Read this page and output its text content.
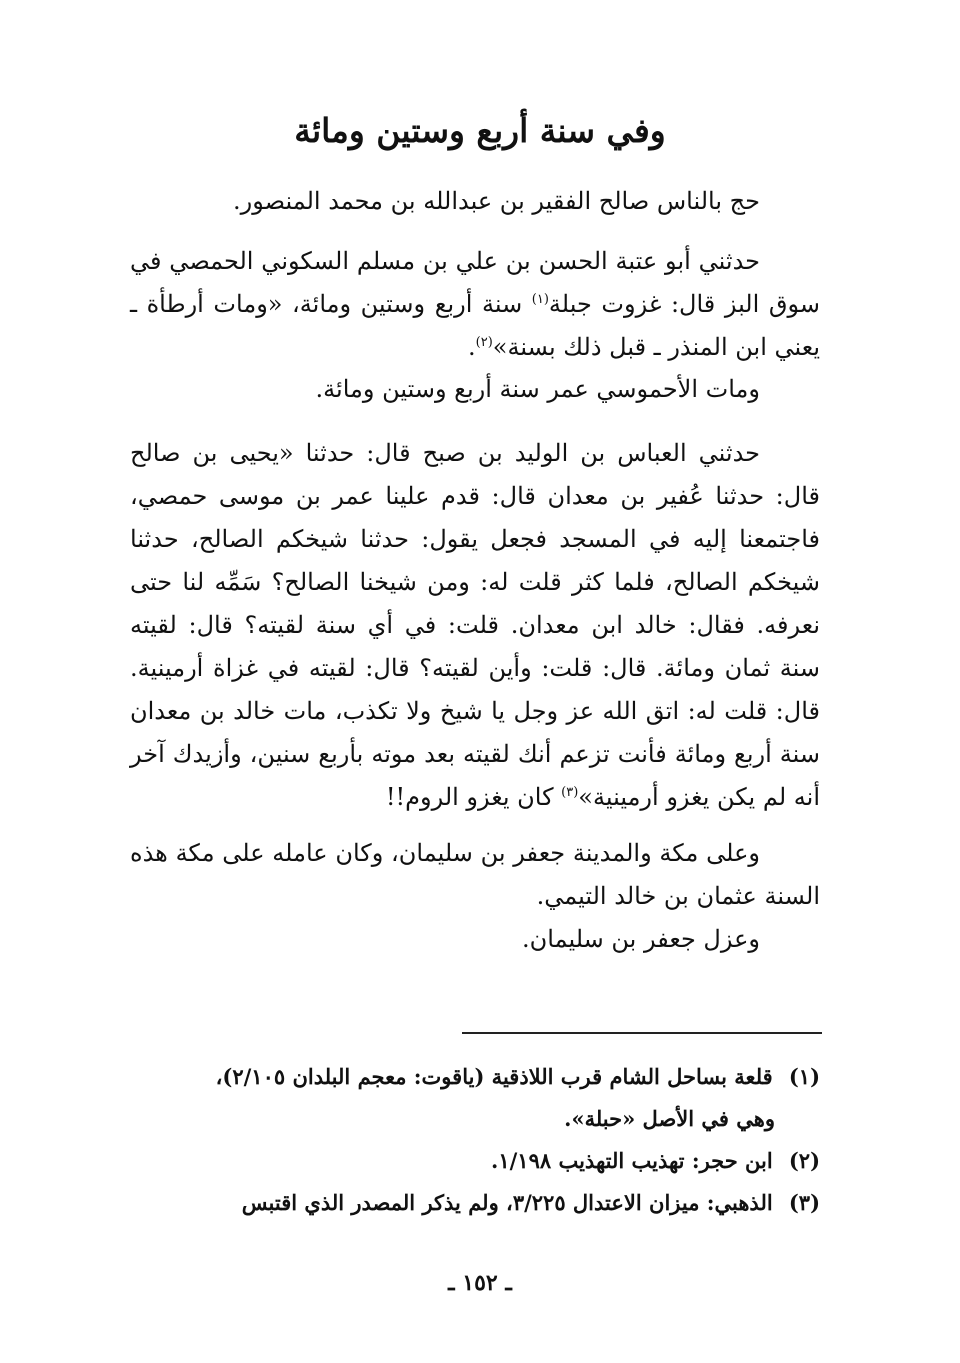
وفي سنة أربع وستين ومائة

حج بالناس صالح الفقير بن عبدالله بن محمد المنصور.

حدثني أبو عتبة الحسن بن علي بن مسلم السكوني الحمصي في سوق البز قال: غزوت جبلة$^{(١)}$ سنة أربع وستين ومائة، «ومات أرطأة ـ يعني ابن المنذر ـ قبل ذلك بسنة»$^{(٢)}$.

ومات الأحموسي عمر سنة أربع وستين ومائة.

حدثني العباس بن الوليد بن صبح قال: حدثنا «يحيى بن صالح قال: حدثنا عُفير بن معدان قال: قدم علينا عمر بن موسى حمصي، فاجتمعنا إليه في المسجد فجعل يقول: حدثنا شيخكم الصالح، حدثنا شيخكم الصالح، فلما كثر قلت له: ومن شيخنا الصالح؟ سَمِّه لنا حتى نعرفه. فقال: خالد ابن معدان. قلت: في أي سنة لقيته؟ قال: لقيته سنة ثمان ومائة. قال: قلت: وأين لقيته؟ قال: لقيته في غزاة أرمينية. قال: قلت له: اتق الله عز وجل يا شيخ ولا تكذب، مات خالد بن معدان سنة أربع ومائة فأنت تزعم أنك لقيته بعد موته بأربع سنين، وأزيدك آخر أنه لم يكن يغزو أرمينية»$^{(٣)}$ كان يغزو الروم!!

وعلى مكة والمدينة جعفر بن سليمان، وكان عامله على مكة هذه السنة عثمان بن خالد التيمي.

وعزل جعفر بن سليمان.

(١) قلعة بساحل الشام قرب اللاذقية (ياقوت: معجم البلدان ٢/١٠٥)،

وهي في الأصل «حبلة».

(٢) ابن حجر: تهذيب التهذيب ١/١٩٨.

(٣) الذهبي: ميزان الاعتدال ٣/٢٢٥، ولم يذكر المصدر الذي اقتبس

ـ ١٥٢ ـ
